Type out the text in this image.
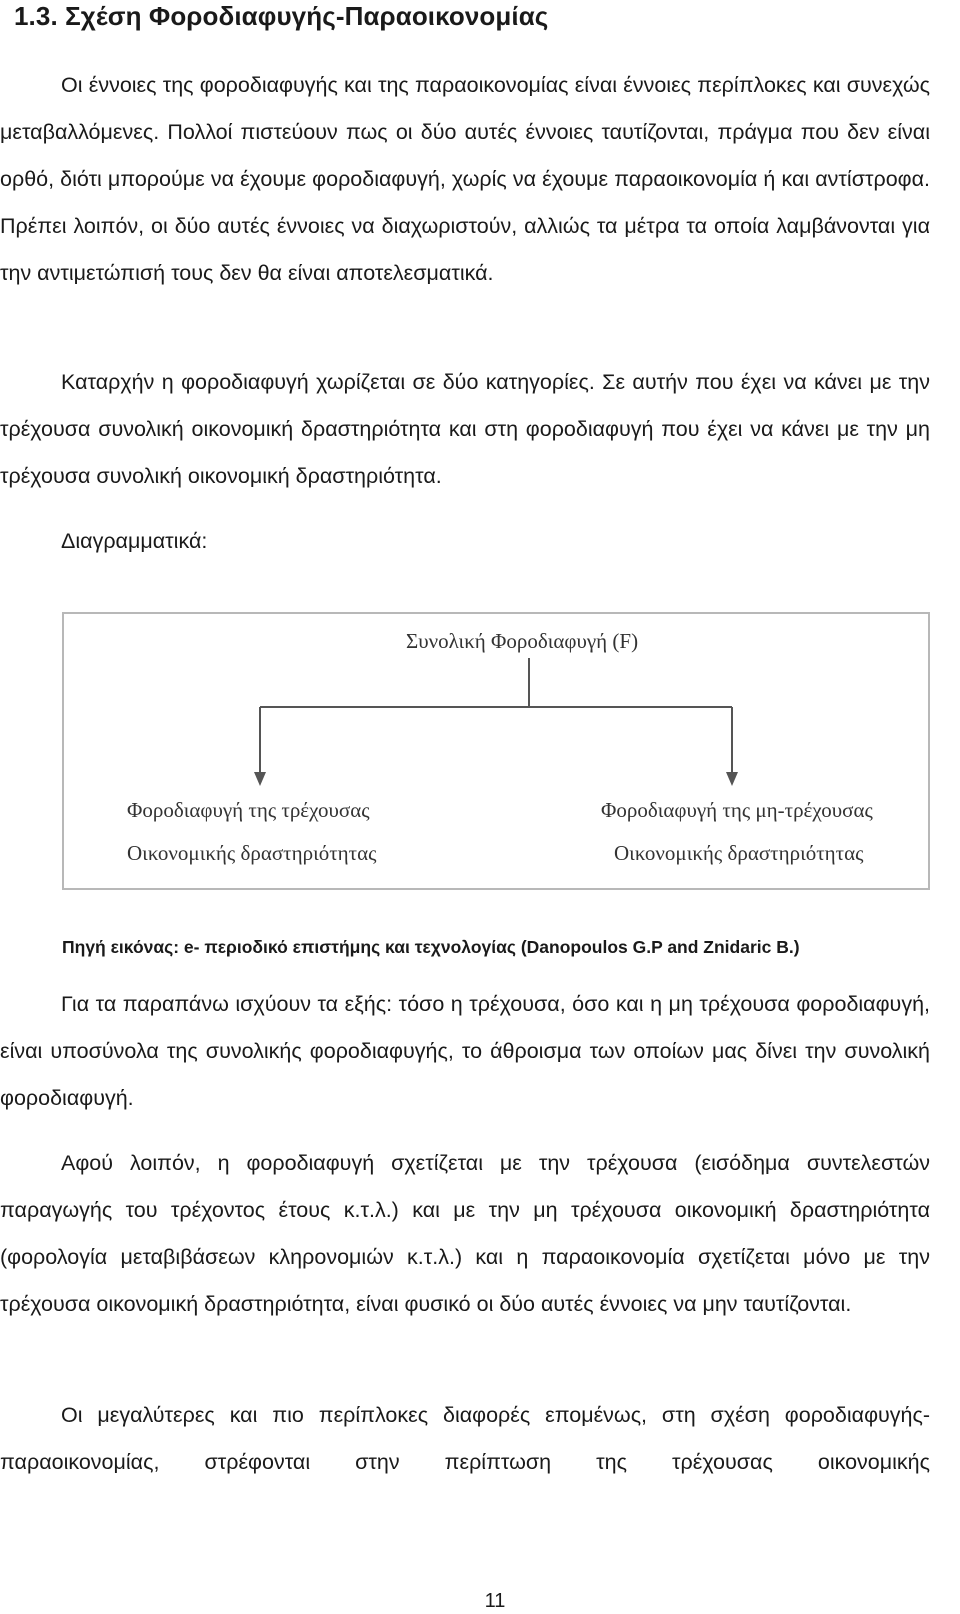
1.3. Σχέση Φοροδιαφυγής-Παραοικονομίας

Οι έννοιες της φοροδιαφυγής και της παραοικονομίας είναι έννοιες περίπλοκες και συνεχώς μεταβαλλόμενες. Πολλοί πιστεύουν πως οι δύο αυτές έννοιες ταυτίζονται, πράγμα που δεν είναι ορθό, διότι μπορούμε να έχουμε φοροδιαφυγή, χωρίς να έχουμε παραοικονομία ή και αντίστροφα. Πρέπει λοιπόν, οι δύο αυτές έννοιες να διαχωριστούν, αλλιώς τα μέτρα τα οποία λαμβάνονται για την αντιμετώπισή τους δεν θα είναι αποτελεσματικά.

Καταρχήν η φοροδιαφυγή χωρίζεται σε δύο κατηγορίες. Σε αυτήν που έχει να κάνει με την τρέχουσα συνολική οικονομική δραστηριότητα και στη φοροδιαφυγή που έχει να κάνει με την μη τρέχουσα συνολική οικονομική δραστηριότητα.

Διαγραμματικά:
Συνολική Φοροδιαφυγή (F)
Φοροδιαφυγή της τρέχουσας
Οικονομικής δραστηριότητας
Φοροδιαφυγή της μη-τρέχουσας
Οικονομικής δραστηριότητας
Πηγή εικόνας: e- περιοδικό επιστήμης και τεχνολογίας (Danopoulos G.P and Znidaric B.)

Για τα παραπάνω ισχύουν τα εξής: τόσο η τρέχουσα, όσο και η μη τρέχουσα φοροδιαφυγή, είναι υποσύνολα της συνολικής φοροδιαφυγής, το άθροισμα των οποίων μας δίνει την συνολική φοροδιαφυγή.

Αφού λοιπόν, η φοροδιαφυγή σχετίζεται με την τρέχουσα (εισόδημα συντελεστών παραγωγής του τρέχοντος έτους κ.τ.λ.) και με την μη τρέχουσα οικονομική δραστηριότητα (φορολογία μεταβιβάσεων κληρονομιών κ.τ.λ.) και η παραοικονομία σχετίζεται μόνο με την τρέχουσα οικονομική δραστηριότητα, είναι φυσικό οι δύο αυτές έννοιες να μην ταυτίζονται.

Οι μεγαλύτερες και πιο περίπλοκες διαφορές επομένως, στη σχέση φοροδιαφυγής-παραοικονομίας, στρέφονται στην περίπτωση της τρέχουσας οικονομικής

11
